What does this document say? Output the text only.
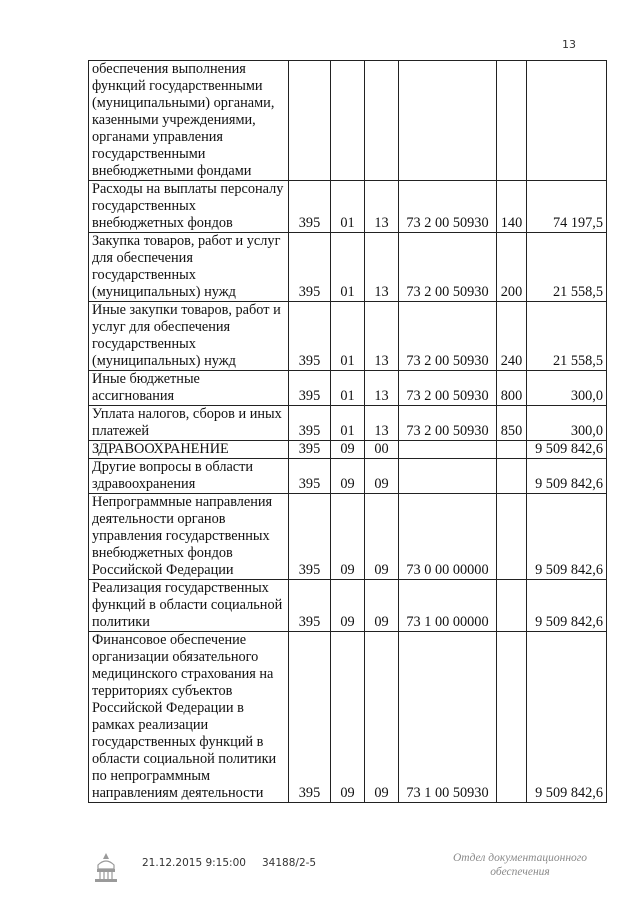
13
обеспечения выполнения функций государственными (муниципальными) органами, казенными учреждениями, органами управления государственными внебюджетными фондами						
Расходы на выплаты персоналу государственных внебюджетных фондов	395	01	13	73 2 00 50930	140	74 197,5
Закупка товаров, работ и услуг для обеспечения государственных (муниципальных) нужд	395	01	13	73 2 00 50930	200	21 558,5
Иные закупки товаров, работ и услуг для обеспечения государственных (муниципальных) нужд	395	01	13	73 2 00 50930	240	21 558,5
Иные бюджетные ассигнования	395	01	13	73 2 00 50930	800	300,0
Уплата налогов, сборов и иных платежей	395	01	13	73 2 00 50930	850	300,0
ЗДРАВООХРАНЕНИЕ	395	09	00			9 509 842,6
Другие вопросы в области здравоохранения	395	09	09			9 509 842,6
Непрограммные направления деятельности органов управления государственных внебюджетных фондов Российской Федерации	395	09	09	73 0 00 00000		9 509 842,6
Реализация государственных функций в области социальной политики	395	09	09	73 1 00 00000		9 509 842,6
Финансовое обеспечение организации обязательного медицинского страхования на территориях субъектов Российской Федерации в рамках реализации государственных функций в области социальной политики по непрограммным направлениям деятельности	395	09	09	73 1 00 50930		9 509 842,6
21.12.2015 9:15:00 34188/2-5	Отдел документационного
обеспечения
